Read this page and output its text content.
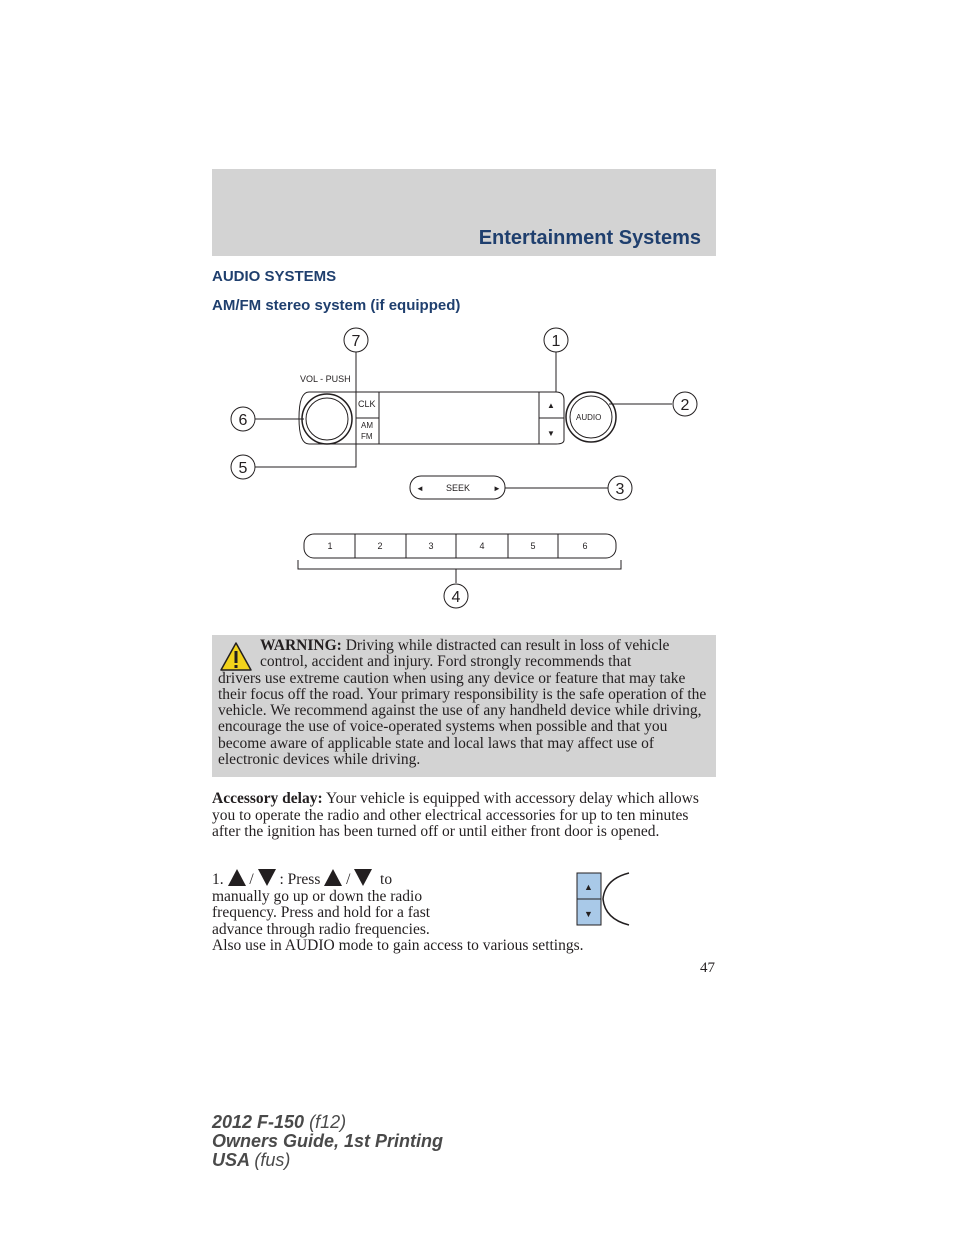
Entertainment Systems
AUDIO SYSTEMS
AM/FM stereo system (if equipped)
VOL - PUSH
CLK
AM
FM
AUDIO
▲
▼
◄ SEEK	►
1	2	3	4	5	6
7	1
2
6
5
3
4
WARNING: Driving while distracted can result in loss of vehicle
control, accident and injury. Ford strongly recommends that
drivers use extreme caution when using any device or feature that may take their focus off the road. Your primary responsibility is the safe operation of the vehicle. We recommend against the use of any handheld device while driving, encourage the use of voice-operated systems when possible and that you become aware of applicable state and local laws that may affect use of electronic devices while driving.
Accessory delay: Your vehicle is equipped with accessory delay which allows you to operate the radio and other electrical accessories for up to ten minutes after the ignition has been turned off or until either front door is opened.
1. / : Press / to
manually go up or down the radio
frequency. Press and hold for a fast
advance through radio frequencies.
Also use in AUDIO mode to gain access to various settings.
▲
▼
47
2012 F-150 (f12)
Owners Guide, 1st Printing
USA (fus)
